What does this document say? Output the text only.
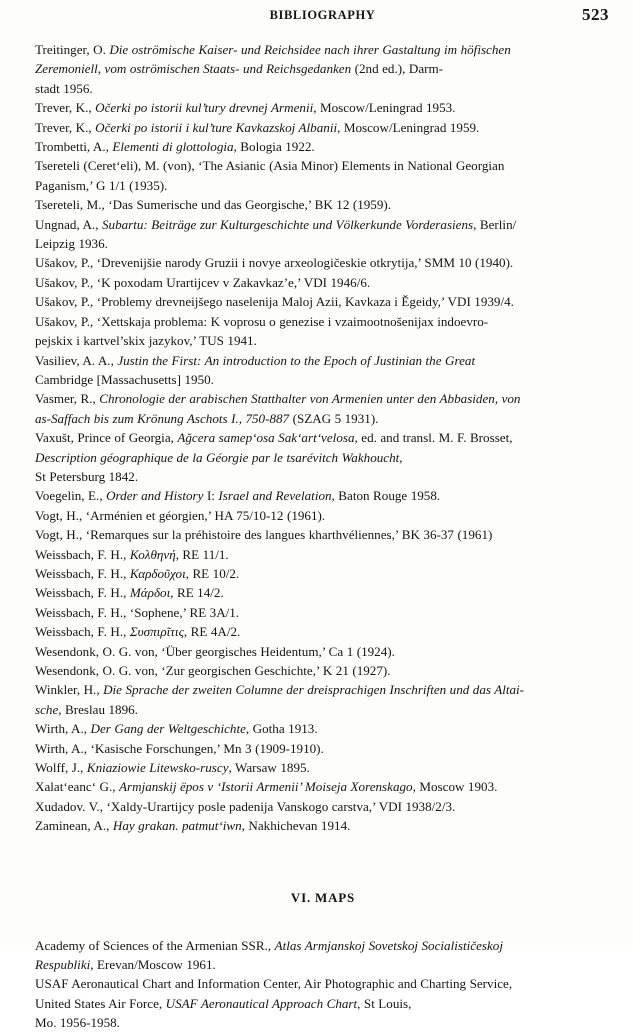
BIBLIOGRAPHY	523
Treitinger, O. Die oströmische Kaiser- und Reichsidee nach ihrer Gastaltung im höfischen
Zeremoniell, vom oströmischen Staats- und Reichsgedanken (2nd ed.), Darm-
stadt 1956.
Trever, K., Očerki po istorii kul’tury drevnej Armenii, Moscow/Leningrad 1953.
Trever, K., Očerki po istorii i kul’ture Kavkazskoj Albanii, Moscow/Leningrad 1959.
Trombetti, A., Elementi di glottologia, Bologia 1922.
Tsereteli (Ceretʻeli), M. (von), ‘The Asianic (Asia Minor) Elements in National Georgian
Paganism,’ G 1/1 (1935).
Tsereteli, M., ‘Das Sumerische und das Georgische,’ BK 12 (1959).
Ungnad, A., Subartu: Beiträge zur Kulturgeschichte und Völkerkunde Vorderasiens, Berlin/
Leipzig 1936.
Ušakov, P., ‘Drevenijšie narody Gruzii i novye arxeologičeskie otkrytija,’ SMM 10 (1940).
Ušakov, P., ‘K poxodam Urartijcev v Zakavkaz’e,’ VDI 1946/6.
Ušakov, P., ‘Problemy drevneijšego naselenija Maloj Azii, Kavkaza i Ěgeidy,’ VDI 1939/4.
Ušakov, P., ‘Xettskaja problema: K voprosu o genezise i vzaimootnošenijax indoevro-
pejskix i kartvel’skix jazykov,’ TUS 1941.
Vasiliev, A. A., Justin the First: An introduction to the Epoch of Justinian the Great
Cambridge [Massachusetts] 1950.
Vasmer, R., Chronologie der arabischen Statthalter von Armenien unter den Abbasiden, von
as-Saffach bis zum Krönung Aschots I., 750-887 (SZAG 5 1931).
Vaxušt, Prince of Georgia, Ağcera samepʻosa Sakʻartʻvelosa, ed. and transl. M. F. Brosset,
Description géographique de la Géorgie par le tsarévitch Wakhoucht,
St Petersburg 1842.
Voegelin, E., Order and History I: Israel and Revelation, Baton Rouge 1958.
Vogt, H., ‘Arménien et géorgien,’ HA 75/10-12 (1961).
Vogt, H., ‘Remarques sur la préhistoire des langues kharthvéliennes,’ BK 36-37 (1961)
Weissbach, F. H., Κολθηνή, RE 11/1.
Weissbach, F. H., Καρδοῦχοι, RE 10/2.
Weissbach, F. H., Μάρδοι, RE 14/2.
Weissbach, F. H., ‘Sophene,’ RE 3A/1.
Weissbach, F. H., Συσπιρῖτις, RE 4A/2.
Wesendonk, O. G. von, ‘Über georgisches Heidentum,’ Ca 1 (1924).
Wesendonk, O. G. von, ‘Zur georgischen Geschichte,’ K 21 (1927).
Winkler, H., Die Sprache der zweiten Columne der dreisprachigen Inschriften und das Altai-
sche, Breslau 1896.
Wirth, A., Der Gang der Weltgeschichte, Gotha 1913.
Wirth, A., ‘Kasische Forschungen,’ Mn 3 (1909-1910).
Wolff, J., Kniaziowie Litewsko-ruscy, Warsaw 1895.
Xalatʻeancʻ G., Armjanskij ëpos v ‘Istorii Armenii’ Moiseja Xorenskago, Moscow 1903.
Xudadov. V., ‘Xaldy-Urartijcy posle padenija Vanskogo carstva,’ VDI 1938/2/3.
Zaminean, A., Hay grakan. patmutʻiwn, Nakhichevan 1914.
VI. MAPS
Academy of Sciences of the Armenian SSR., Atlas Armjanskoj Sovetskoj Socialističeskoj
Respubliki, Erevan/Moscow 1961.
USAF Aeronautical Chart and Information Center, Air Photographic and Charting Service,
United States Air Force, USAF Aeronautical Approach Chart, St Louis,
Mo. 1956-1958.
